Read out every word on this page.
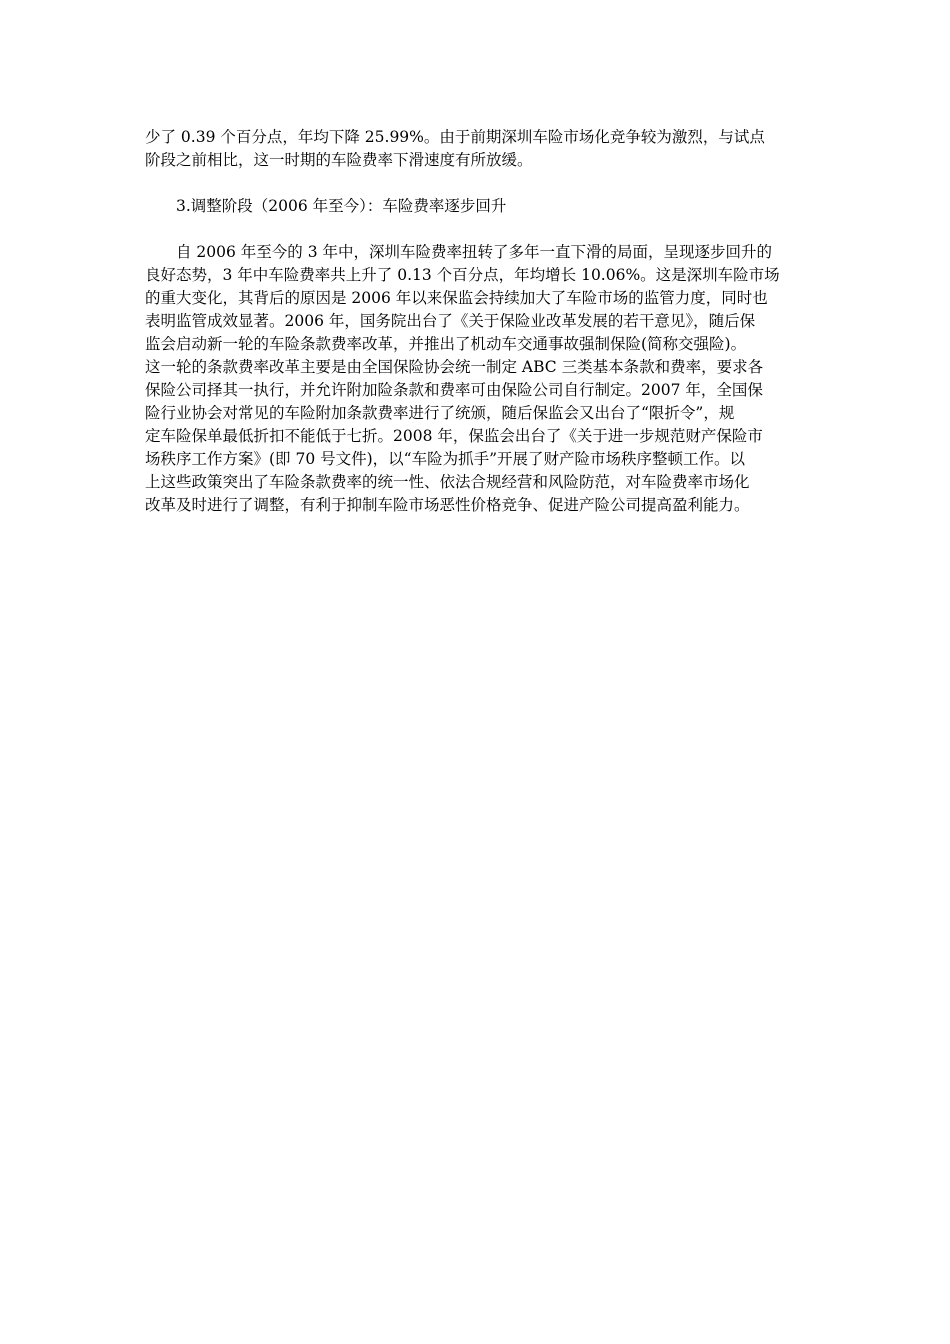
少了 0.39 个百分点，年均下降 25.99%。由于前期深圳车险市场化竞争较为激烈，与试点
阶段之前相比，这一时期的车险费率下滑速度有所放缓。
3.调整阶段（2006 年至今）：车险费率逐步回升
自 2006 年至今的 3 年中，深圳车险费率扭转了多年一直下滑的局面，呈现逐步回升的
良好态势，3 年中车险费率共上升了 0.13 个百分点，年均增长 10.06%。这是深圳车险市场
的重大变化，其背后的原因是 2006 年以来保监会持续加大了车险市场的监管力度，同时也
表明监管成效显著。2006 年，国务院出台了《关于保险业改革发展的若干意见》，随后保
监会启动新一轮的车险条款费率改革，并推出了机动车交通事故强制保险(简称交强险)。
这一轮的条款费率改革主要是由全国保险协会统一制定 ABC 三类基本条款和费率，要求各
保险公司择其一执行，并允许附加险条款和费率可由保险公司自行制定。2007 年，全国保
险行业协会对常见的车险附加条款费率进行了统颁，随后保监会又出台了“限折令”，规
定车险保单最低折扣不能低于七折。2008 年，保监会出台了《关于进一步规范财产保险市
场秩序工作方案》(即 70 号文件)，以“车险为抓手”开展了财产险市场秩序整顿工作。以
上这些政策突出了车险条款费率的统一性、依法合规经营和风险防范，对车险费率市场化
改革及时进行了调整，有利于抑制车险市场恶性价格竞争、促进产险公司提高盈利能力。
